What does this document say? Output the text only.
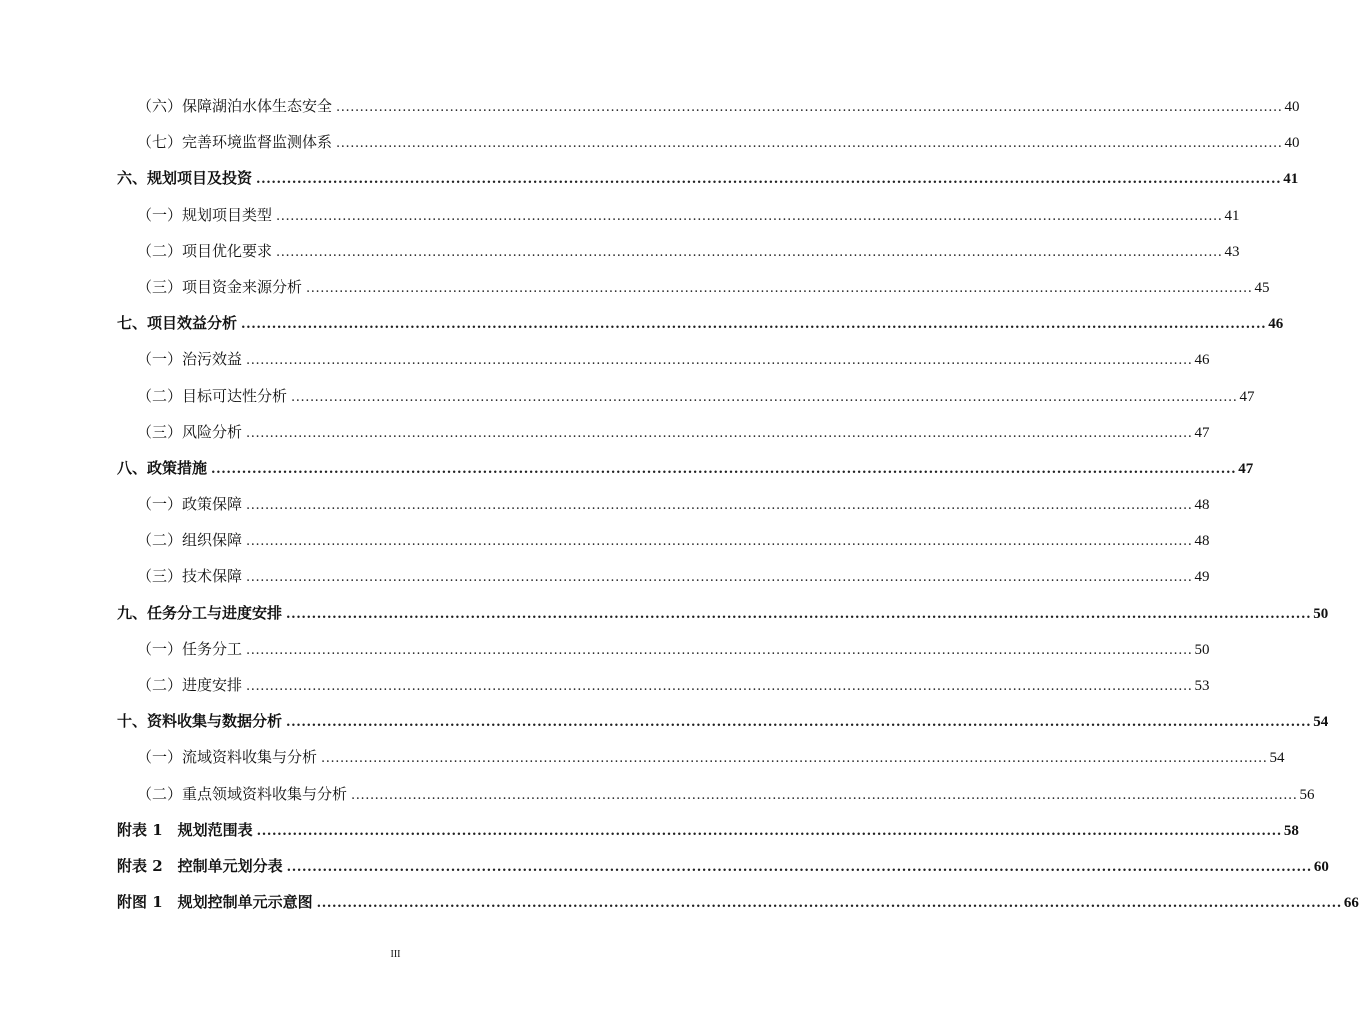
（六）保障湖泊水体生态安全 ........................................................................................................................................................................................................ 40
（七）完善环境监督监测体系 ........................................................................................................................................................................................................ 40
六、规划项目及投资 ........................................................................................................................................................................................................ 41
（一）规划项目类型 ........................................................................................................................................................................................................ 41
（二）项目优化要求 ........................................................................................................................................................................................................ 43
（三）项目资金来源分析 ........................................................................................................................................................................................................ 45
七、项目效益分析 ........................................................................................................................................................................................................ 46
（一）治污效益 ........................................................................................................................................................................................................ 46
（二）目标可达性分析 ........................................................................................................................................................................................................ 47
（三）风险分析 ........................................................................................................................................................................................................ 47
八、政策措施 ........................................................................................................................................................................................................ 47
（一）政策保障 ........................................................................................................................................................................................................ 48
（二）组织保障 ........................................................................................................................................................................................................ 48
（三）技术保障 ........................................................................................................................................................................................................ 49
九、任务分工与进度安排 ........................................................................................................................................................................................................ 50
（一）任务分工 ........................................................................................................................................................................................................ 50
（二）进度安排 ........................................................................................................................................................................................................ 53
十、资料收集与数据分析 ........................................................................................................................................................................................................ 54
（一）流域资料收集与分析 ........................................................................................................................................................................................................ 54
（二）重点领域资料收集与分析 ........................................................................................................................................................................................................ 56
附表 1　规划范围表 ........................................................................................................................................................................................................ 58
附表 2　控制单元划分表 ........................................................................................................................................................................................................ 60
附图 1　规划控制单元示意图 ........................................................................................................................................................................................................ 66
III
